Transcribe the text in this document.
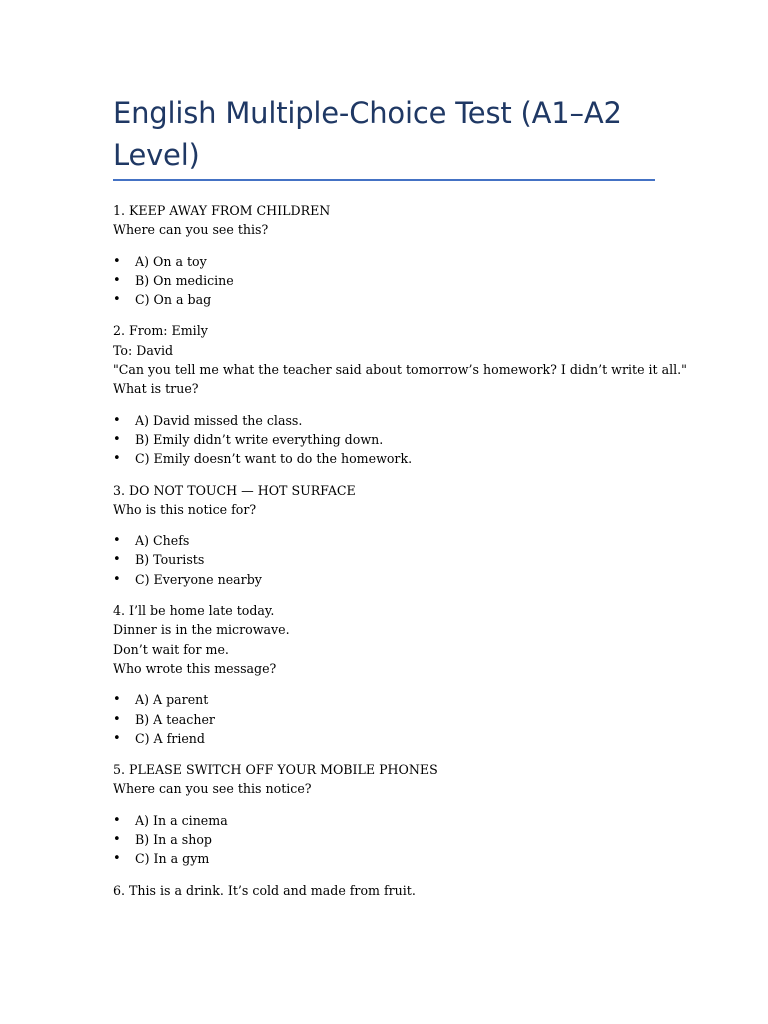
English Multiple-Choice Test (A1–A2
Level)
1. KEEP AWAY FROM CHILDREN
Where can you see this?
• A) On a toy
• B) On medicine
• C) On a bag
2. From: Emily
To: David
"Can you tell me what the teacher said about tomorrow’s homework? I didn’t write it all."
What is true?
• A) David missed the class.
• B) Emily didn’t write everything down.
• C) Emily doesn’t want to do the homework.
3. DO NOT TOUCH — HOT SURFACE
Who is this notice for?
• A) Chefs
• B) Tourists
• C) Everyone nearby
4. I’ll be home late today.
Dinner is in the microwave.
Don’t wait for me.
Who wrote this message?
• A) A parent
• B) A teacher
• C) A friend
5. PLEASE SWITCH OFF YOUR MOBILE PHONES
Where can you see this notice?
• A) In a cinema
• B) In a shop
• C) In a gym
6. This is a drink. It’s cold and made from fruit.
